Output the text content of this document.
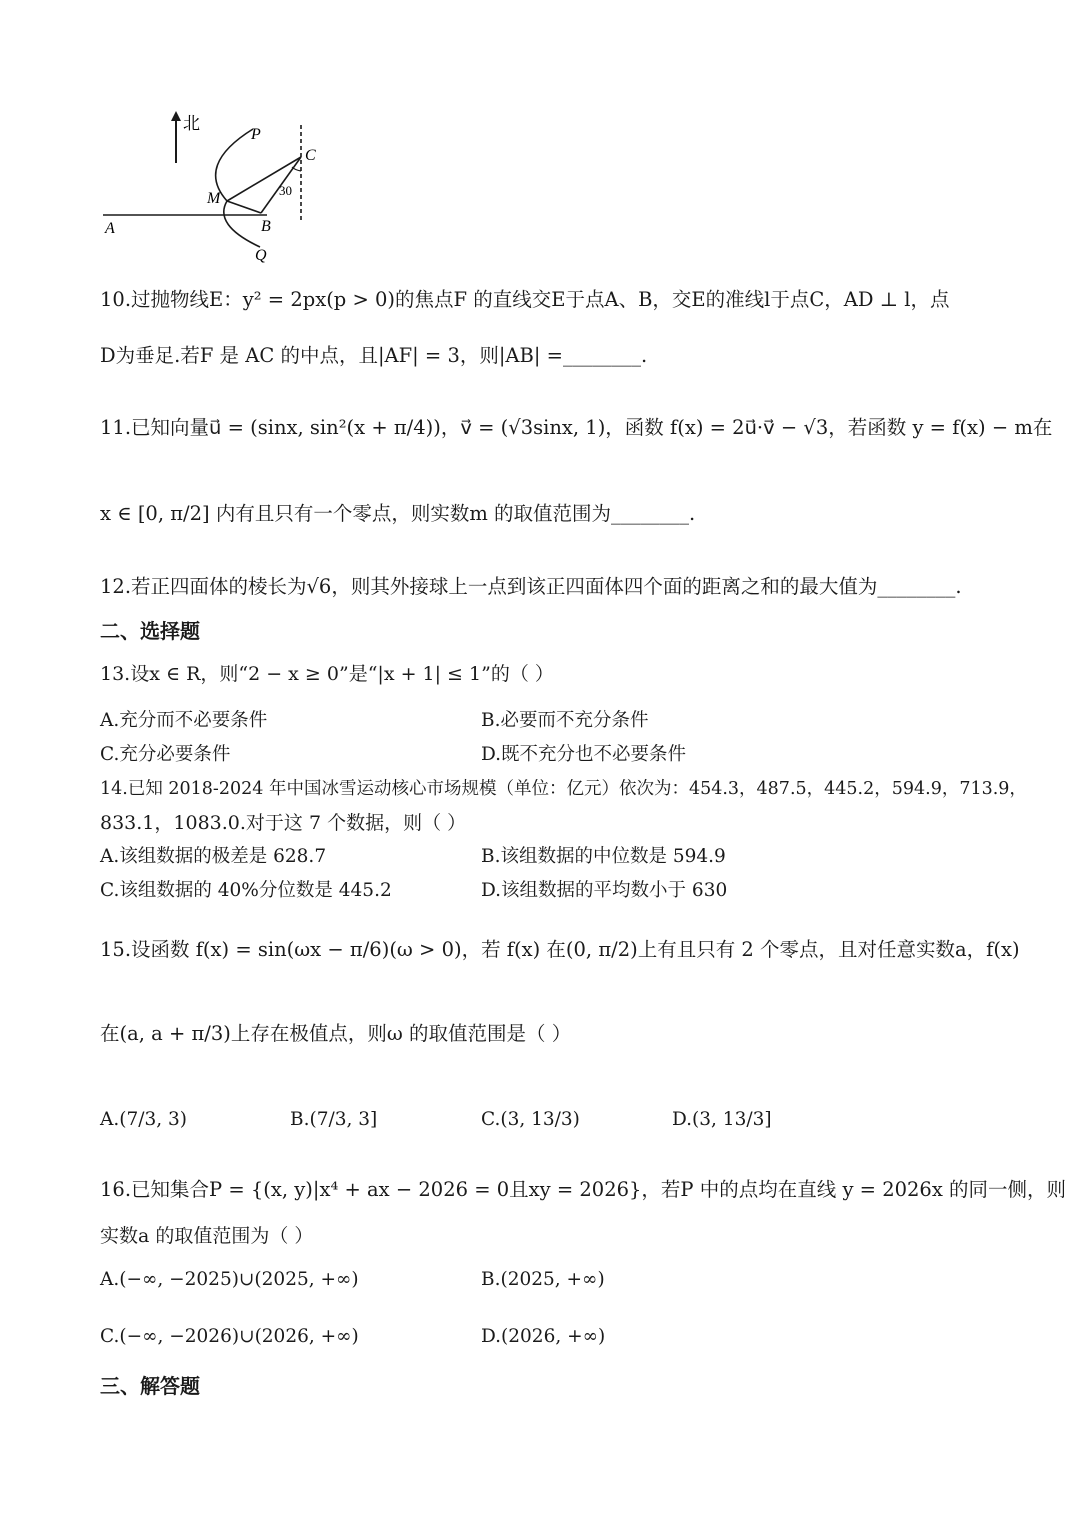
北
P
C
M	30
A	B
Q
10.过抛物线E：y² = 2px(p > 0)的焦点F 的直线交E于点A、B，交E的准线l于点C，AD ⊥ l，点
D为垂足.若F 是 AC 的中点，且|AF| = 3，则|AB| =________.
11.已知向量u⃗ = (sinx, sin²(x + π/4))，v⃗ = (√3sinx, 1)，函数 f(x) = 2u⃗·v⃗ − √3，若函数 y = f(x) − m在
x ∈ [0, π/2] 内有且只有一个零点，则实数m 的取值范围为________.
12.若正四面体的棱长为√6，则其外接球上一点到该正四面体四个面的距离之和的最大值为________.
二、选择题
13.设x ∈ R，则“2 − x ≥ 0”是“|x + 1| ≤ 1”的（ ）
A.充分而不必要条件	B.必要而不充分条件
C.充分必要条件	D.既不充分也不必要条件
14.已知 2018-2024 年中国冰雪运动核心市场规模（单位：亿元）依次为：454.3，487.5，445.2，594.9，713.9，
833.1，1083.0.对于这 7 个数据，则（ ）
A.该组数据的极差是 628.7	B.该组数据的中位数是 594.9
C.该组数据的 40%分位数是 445.2	D.该组数据的平均数小于 630
15.设函数 f(x) = sin(ωx − π/6)(ω > 0)，若 f(x) 在(0, π/2)上有且只有 2 个零点，且对任意实数a，f(x)
在(a, a + π/3)上存在极值点，则ω 的取值范围是（ ）
A.(7/3, 3)	B.(7/3, 3]	C.(3, 13/3)	D.(3, 13/3]
16.已知集合P = {(x, y)|x⁴ + ax − 2026 = 0且xy = 2026}，若P 中的点均在直线 y = 2026x 的同一侧，则
实数a 的取值范围为（ ）
A.(−∞, −2025)∪(2025, +∞)	B.(2025, +∞)
C.(−∞, −2026)∪(2026, +∞)	D.(2026, +∞)
三、解答题
